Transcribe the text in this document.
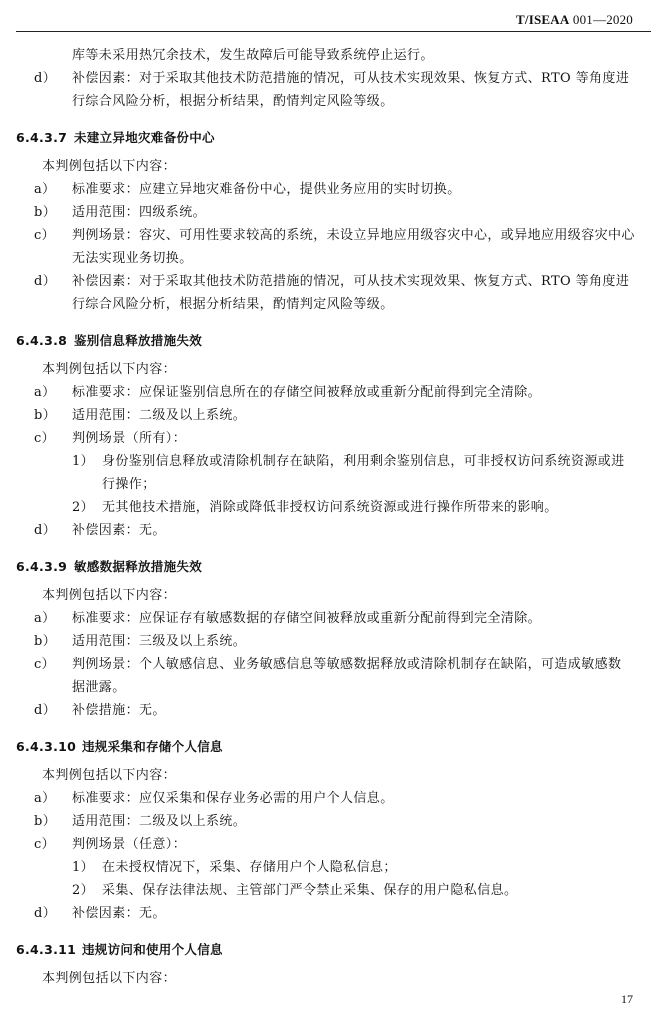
T/ISEAA 001—2020
库等未采用热冗余技术，发生故障后可能导致系统停止运行。
d） 补偿因素：对于采取其他技术防范措施的情况，可从技术实现效果、恢复方式、RTO 等角度进
行综合风险分析，根据分析结果，酌情判定风险等级。
6.4.3.7 未建立异地灾难备份中心
本判例包括以下内容：
a） 标准要求：应建立异地灾难备份中心，提供业务应用的实时切换。
b） 适用范围：四级系统。
c） 判例场景：容灾、可用性要求较高的系统，未设立异地应用级容灾中心，或异地应用级容灾中心
无法实现业务切换。
d） 补偿因素：对于采取其他技术防范措施的情况，可从技术实现效果、恢复方式、RTO 等角度进
行综合风险分析，根据分析结果，酌情判定风险等级。
6.4.3.8 鉴别信息释放措施失效
本判例包括以下内容：
a） 标准要求：应保证鉴别信息所在的存储空间被释放或重新分配前得到完全清除。
b） 适用范围：二级及以上系统。
c） 判例场景（所有）：
1） 身份鉴别信息释放或清除机制存在缺陷，利用剩余鉴别信息，可非授权访问系统资源或进
行操作；
2） 无其他技术措施，消除或降低非授权访问系统资源或进行操作所带来的影响。
d） 补偿因素：无。
6.4.3.9 敏感数据释放措施失效
本判例包括以下内容：
a） 标准要求：应保证存有敏感数据的存储空间被释放或重新分配前得到完全清除。
b） 适用范围：三级及以上系统。
c） 判例场景：个人敏感信息、业务敏感信息等敏感数据释放或清除机制存在缺陷，可造成敏感数
据泄露。
d） 补偿措施：无。
6.4.3.10 违规采集和存储个人信息
本判例包括以下内容：
a） 标准要求：应仅采集和保存业务必需的用户个人信息。
b） 适用范围：二级及以上系统。
c） 判例场景（任意）：
1） 在未授权情况下，采集、存储用户个人隐私信息；
2） 采集、保存法律法规、主管部门严令禁止采集、保存的用户隐私信息。
d） 补偿因素：无。
6.4.3.11 违规访问和使用个人信息
本判例包括以下内容：
17
